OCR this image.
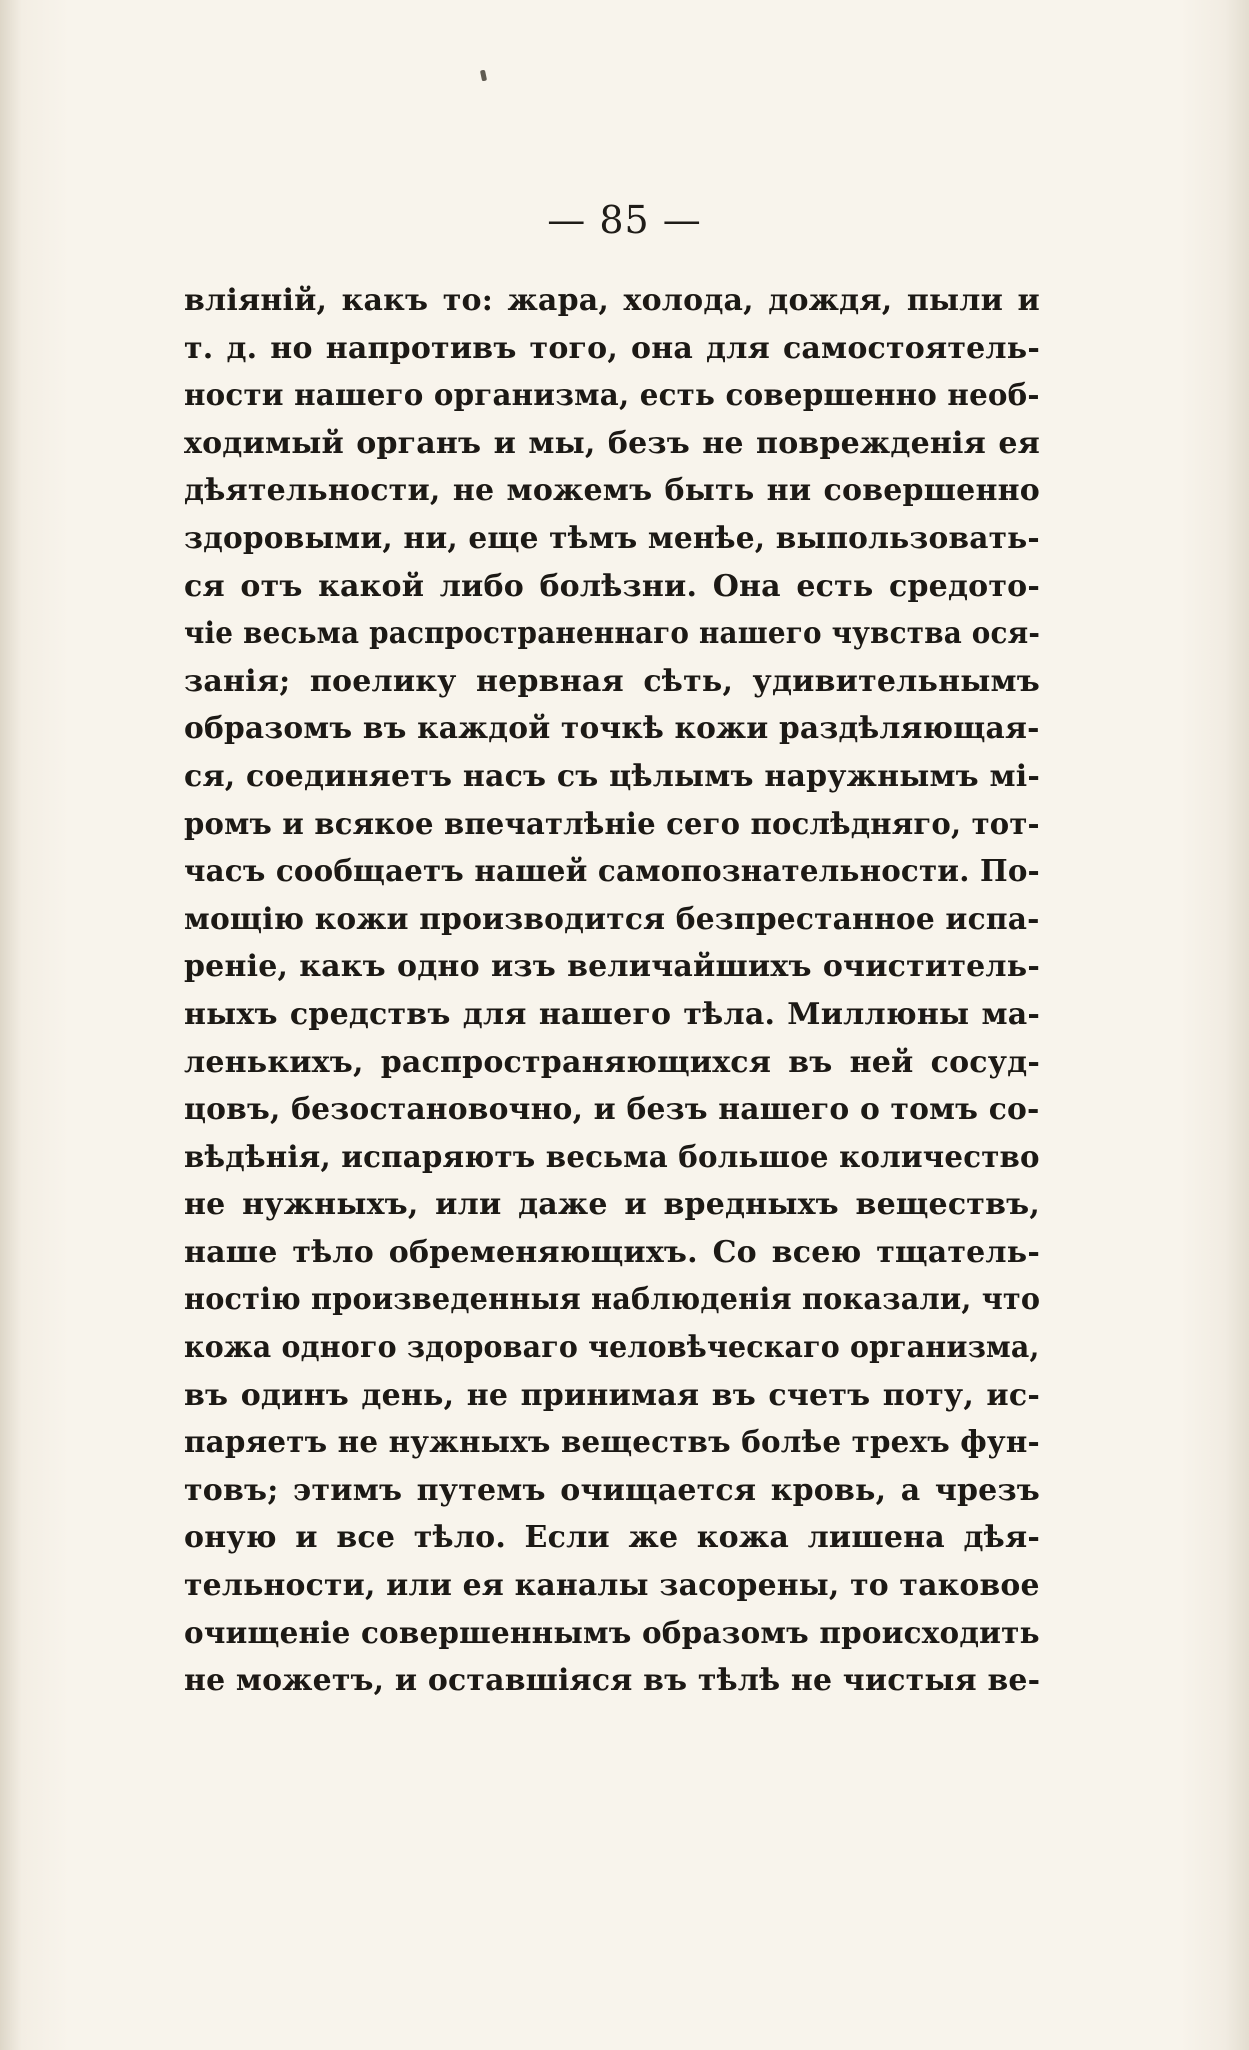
— 85 —
вліяній, какъ то: жара, холода, дождя, пыли и
т. д. но напротивъ того, она для самостоятель-
ности нашего организма, есть совершенно необ-
ходимый органъ и мы, безъ не поврежденія ея
дѣятельности, не можемъ быть ни совершенно
здоровыми, ни, еще тѣмъ менѣе, выпользовать-
ся отъ какой либо болѣзни. Она есть средото-
чіе весьма распространеннаго нашего чувства ося-
занія; поелику нервная сѣть, удивительнымъ
образомъ въ каждой точкѣ кожи раздѣляющая-
ся, соединяетъ насъ съ цѣлымъ наружнымъ мі-
ромъ и всякое впечатлѣніе сего послѣдняго, тот-
часъ сообщаетъ нашей самопознательности. По-
мощію кожи производится безпрестанное испа-
реніе, какъ одно изъ величайшихъ очиститель-
ныхъ средствъ для нашего тѣла. Миллюны ма-
ленькихъ, распространяющихся въ ней сосуд-
цовъ, безостановочно, и безъ нашего о томъ со-
вѣдѣнія, испаряютъ весьма большое количество
не нужныхъ, или даже и вредныхъ веществъ,
наше тѣло обременяющихъ. Со всею тщатель-
ностію произведенныя наблюденія показали, что
кожа одного здороваго человѣческаго организма,
въ одинъ день, не принимая въ счетъ поту, ис-
паряетъ не нужныхъ веществъ болѣе трехъ фун-
товъ; этимъ путемъ очищается кровь, а чрезъ
оную и все тѣло. Если же кожа лишена дѣя-
тельности, или ея каналы засорены, то таковое
очищеніе совершеннымъ образомъ происходить
не можетъ, и оставшіяся въ тѣлѣ не чистыя ве-
